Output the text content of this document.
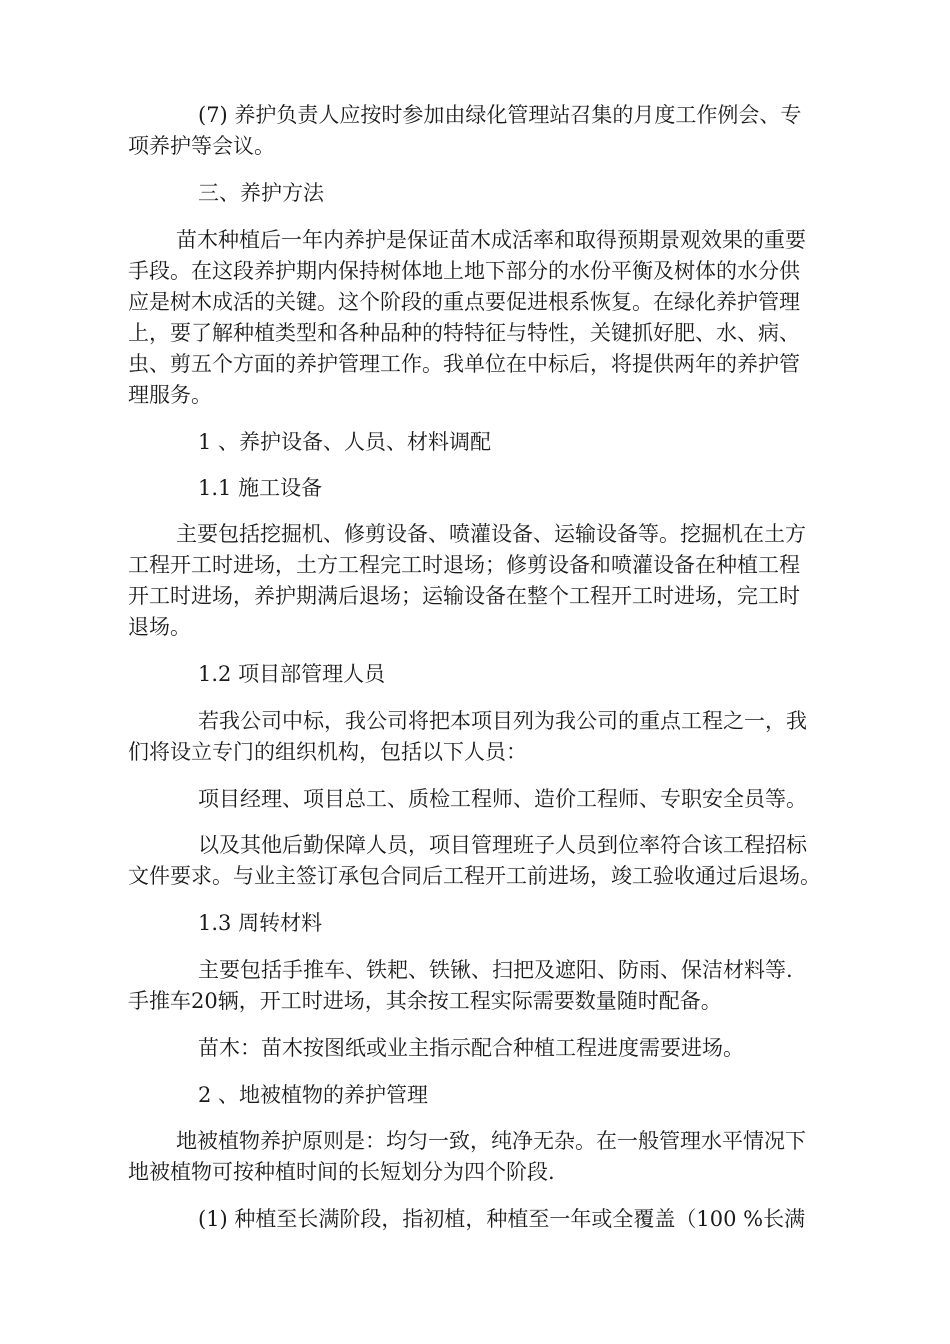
(7) 养护负责人应按时参加由绿化管理站召集的月度工作例会、专
项养护等会议。

三、养护方法

苗木种植后一年内养护是保证苗木成活率和取得预期景观效果的重要
手段。在这段养护期内保持树体地上地下部分的水份平衡及树体的水分供
应是树木成活的关键。这个阶段的重点要促进根系恢复。在绿化养护管理
上，要了解种植类型和各种品种的特特征与特性，关键抓好肥、水、病、
虫、剪五个方面的养护管理工作。我单位在中标后，将提供两年的养护管
理服务。

1 、养护设备、人员、材料调配

1.1 施工设备

主要包括挖掘机、修剪设备、喷灌设备、运输设备等。挖掘机在土方
工程开工时进场，土方工程完工时退场；修剪设备和喷灌设备在种植工程
开工时进场，养护期满后退场；运输设备在整个工程开工时进场，完工时
退场。

1.2 项目部管理人员

若我公司中标，我公司将把本项目列为我公司的重点工程之一，我
们将设立专门的组织机构，包括以下人员：

项目经理、项目总工、质检工程师、造价工程师、专职安全员等。

以及其他后勤保障人员，项目管理班子人员到位率符合该工程招标
文件要求。与业主签订承包合同后工程开工前进场，竣工验收通过后退场。

1.3 周转材料

主要包括手推车、铁耙、铁锹、扫把及遮阳、防雨、保洁材料等.
手推车20辆，开工时进场，其余按工程实际需要数量随时配备。

苗木：苗木按图纸或业主指示配合种植工程进度需要进场。

2 、地被植物的养护管理

地被植物养护原则是：均匀一致，纯净无杂。在一般管理水平情况下
地被植物可按种植时间的长短划分为四个阶段.

(1) 种植至长满阶段，指初植，种植至一年或全覆盖（100 %长满
